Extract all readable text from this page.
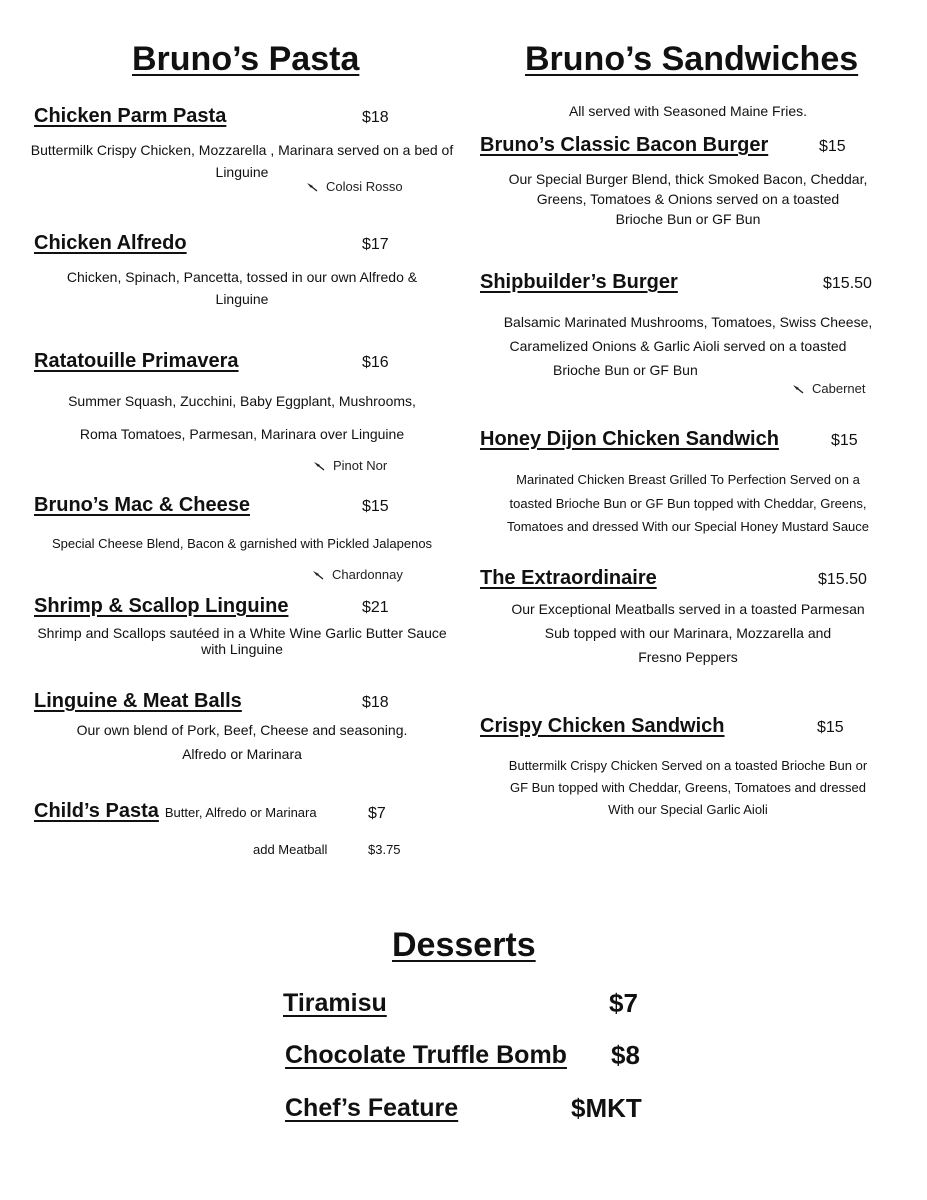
Bruno’s Pasta
Chicken Parm Pasta	$18
Buttermilk Crispy Chicken, Mozzarella , Marinara served on a bed of Linguine
Colosi Rosso
Chicken Alfredo	$17
Chicken, Spinach, Pancetta, tossed in our own Alfredo & Linguine
Ratatouille Primavera	$16
Summer Squash, Zucchini, Baby Eggplant, Mushrooms,
Roma Tomatoes, Parmesan, Marinara over Linguine
Pinot Nor
Bruno’s Mac & Cheese	$15
Special Cheese Blend, Bacon & garnished with Pickled Jalapenos
Chardonnay
Shrimp & Scallop Linguine	$21
Shrimp and Scallops sautéed in a White Wine Garlic Butter Sauce with Linguine
Linguine & Meat Balls	$18
Our own blend of Pork, Beef, Cheese and seasoning.
Alfredo or Marinara
Child’s Pasta Butter, Alfredo or Marinara	$7
add Meatball	$3.75
Bruno’s Sandwiches
All served with Seasoned Maine Fries.
Bruno’s Classic Bacon Burger	$15
Our Special Burger Blend, thick Smoked Bacon, Cheddar,
Greens, Tomatoes & Onions served on a toasted
Brioche Bun or GF Bun
Shipbuilder’s Burger	$15.50
Balsamic Marinated Mushrooms, Tomatoes, Swiss Cheese,
Caramelized Onions & Garlic Aioli served on a toasted
Brioche Bun or GF Bun
Cabernet
Honey Dijon Chicken Sandwich	$15
Marinated Chicken Breast Grilled To Perfection Served on a
toasted Brioche Bun or GF Bun topped with Cheddar, Greens,
Tomatoes and dressed With our Special Honey Mustard Sauce
The Extraordinaire	$15.50
Our Exceptional Meatballs served in a toasted Parmesan
Sub topped with our Marinara, Mozzarella and
Fresno Peppers
Crispy Chicken Sandwich	$15
Buttermilk Crispy Chicken Served on a toasted Brioche Bun or
GF Bun topped with Cheddar, Greens, Tomatoes and dressed
With our Special Garlic Aioli
Desserts
Tiramisu	$7
Chocolate Truffle Bomb $8
Chef’s Feature	$MKT
